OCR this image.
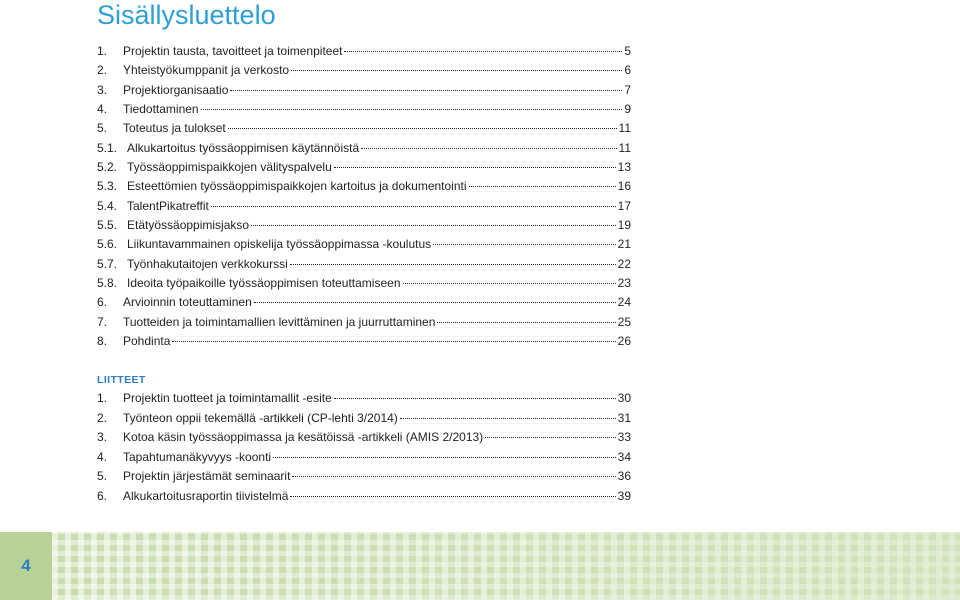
Sisällysluettelo
1.	Projektin tausta, tavoitteet ja toimenpiteet	5
2.	Yhteistyökumppanit ja verkosto	6
3.	Projektiorganisaatio	7
4.	Tiedottaminen	9
5.	Toteutus ja tulokset	11
5.1. Alkukartoitus työssäoppimisen käytännöistä	11
5.2. Työssäoppimispaikkojen välityspalvelu	13
5.3. Esteettömien työssäoppimispaikkojen kartoitus ja dokumentointi	16
5.4. TalentPikatreffit	17
5.5. Etätyössäoppimisjakso	19
5.6. Liikuntavammainen opiskelija työssäoppimassa -koulutus	21
5.7. Työnhakutaitojen verkkokurssi	22
5.8. Ideoita työpaikoille työssäoppimisen toteuttamiseen	23
6.	Arvioinnin toteuttaminen	24
7.	Tuotteiden ja toimintamallien levittäminen ja juurruttaminen	25
8.	Pohdinta	26
LIITTEET
1.	Projektin tuotteet ja toimintamallit -esite	30
2.	Työnteon oppii tekemällä -artikkeli (CP-lehti 3/2014)	31
3.	Kotoa käsin työssäoppimassa ja kesätöissä -artikkeli (AMIS 2/2013)	33
4.	Tapahtumanäkyvyys -koonti	34
5.	Projektin järjestämät seminaarit	36
6.	Alkukartoitusraportin tiivistelmä	39
4
